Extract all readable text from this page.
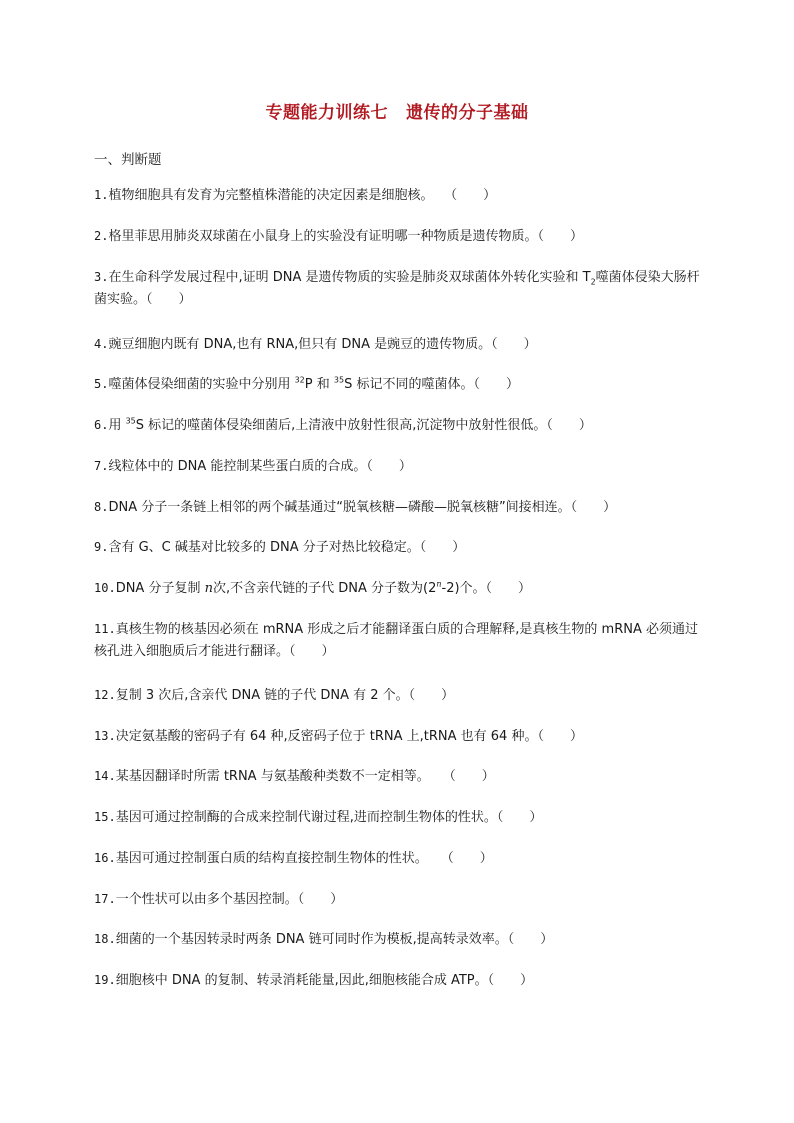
专题能力训练七 遗传的分子基础
一、判断题
1.植物细胞具有发育为完整植株潜能的决定因素是细胞核。　 （　　）
2.格里菲思用肺炎双球菌在小鼠身上的实验没有证明哪一种物质是遗传物质。（　　）
3.在生命科学发展过程中,证明 DNA 是遗传物质的实验是肺炎双球菌体外转化实验和 $T_2$噬菌体侵染大肠杆菌实验。（　　）
4.豌豆细胞内既有 DNA,也有 RNA,但只有 DNA 是豌豆的遗传物质。（　　）
5.噬菌体侵染细菌的实验中分别用 $^{32}$P 和 $^{35}$S 标记不同的噬菌体。（　　）
6.用 $^{35}$S 标记的噬菌体侵染细菌后,上清液中放射性很高,沉淀物中放射性很低。（　　）
7.线粒体中的 DNA 能控制某些蛋白质的合成。（　　）
8.DNA 分子一条链上相邻的两个碱基通过“脱氧核糖—磷酸—脱氧核糖”间接相连。（　　）
9.含有 G、C 碱基对比较多的 DNA 分子对热比较稳定。（　　）
10.DNA 分子复制 n次,不含亲代链的子代 DNA 分子数为(2$^n$-2)个。（　　）
11.真核生物的核基因必须在 mRNA 形成之后才能翻译蛋白质的合理解释,是真核生物的 mRNA 必须通过核孔进入细胞质后才能进行翻译。（　　）
12.复制 3 次后,含亲代 DNA 链的子代 DNA 有 2 个。（　　）
13.决定氨基酸的密码子有 64 种,反密码子位于 tRNA 上,tRNA 也有 64 种。（　　）
14.某基因翻译时所需 tRNA 与氨基酸种类数不一定相等。　　（　　）
15.基因可通过控制酶的合成来控制代谢过程,进而控制生物体的性状。（　　）
16.基因可通过控制蛋白质的结构直接控制生物体的性状。　　（　　）
17.一个性状可以由多个基因控制。（　　）
18.细菌的一个基因转录时两条 DNA 链可同时作为模板,提高转录效率。（　　）
19.细胞核中 DNA 的复制、转录消耗能量,因此,细胞核能合成 ATP。（　　）
